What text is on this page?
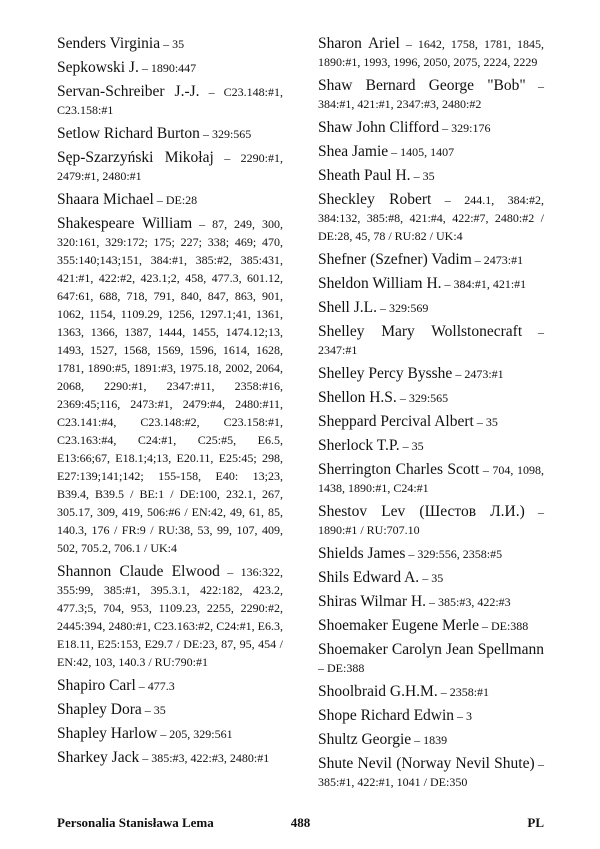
Senders Virginia – 35
Sepkowski J. – 1890:447
Servan-Schreiber J.-J. – C23.148:#1, C23.158:#1
Setlow Richard Burton – 329:565
Sęp-Szarzyński Mikołaj – 2290:#1, 2479:#1, 2480:#1
Shaara Michael – DE:28
Shakespeare William – 87, 249, 300, 320:161, 329:172; 175; 227; 338; 469; 470, 355:140;143;151, 384:#1, 385:#2, 385:431, 421:#1, 422:#2, 423.1;2, 458, 477.3, 601.12, 647:61, 688, 718, 791, 840, 847, 863, 901, 1062, 1154, 1109.29, 1256, 1297.1;41, 1361, 1363, 1366, 1387, 1444, 1455, 1474.12;13, 1493, 1527, 1568, 1569, 1596, 1614, 1628, 1781, 1890:#5, 1891:#3, 1975.18, 2002, 2064, 2068, 2290:#1, 2347:#11, 2358:#16, 2369:45;116, 2473:#1, 2479:#4, 2480:#11, C23.141:#4, C23.148:#2, C23.158:#1, C23.163:#4, C24:#1, C25:#5, E6.5, E13:66;67, E18.1;4;13, E20.11, E25:45; 298, E27:139;141;142; 155-158, E40: 13;23, B39.4, B39.5 / BE:1 / DE:100, 232.1, 267, 305.17, 309, 419, 506:#6 / EN:42, 49, 61, 85, 140.3, 176 / FR:9 / RU:38, 53, 99, 107, 409, 502, 705.2, 706.1 / UK:4
Shannon Claude Elwood – 136:322, 355:99, 385:#1, 395.3.1, 422:182, 423.2, 477.3;5, 704, 953, 1109.23, 2255, 2290:#2, 2445:394, 2480:#1, C23.163:#2, C24:#1, E6.3, E18.11, E25:153, E29.7 / DE:23, 87, 95, 454 / EN:42, 103, 140.3 / RU:790:#1
Shapiro Carl – 477.3
Shapley Dora – 35
Shapley Harlow – 205, 329:561
Sharkey Jack – 385:#3, 422:#3, 2480:#1
Sharon Ariel – 1642, 1758, 1781, 1845, 1890:#1, 1993, 1996, 2050, 2075, 2224, 2229
Shaw Bernard George "Bob" – 384:#1, 421:#1, 2347:#3, 2480:#2
Shaw John Clifford – 329:176
Shea Jamie – 1405, 1407
Sheath Paul H. – 35
Sheckley Robert – 244.1, 384:#2, 384:132, 385:#8, 421:#4, 422:#7, 2480:#2 / DE:28, 45, 78 / RU:82 / UK:4
Shefner (Szefner) Vadim – 2473:#1
Sheldon William H. – 384:#1, 421:#1
Shell J.L. – 329:569
Shelley Mary Wollstonecraft – 2347:#1
Shelley Percy Bysshe – 2473:#1
Shellon H.S. – 329:565
Sheppard Percival Albert – 35
Sherlock T.P. – 35
Sherrington Charles Scott – 704, 1098, 1438, 1890:#1, C24:#1
Shestov Lev (Шестов Л.И.) – 1890:#1 / RU:707.10
Shields James – 329:556, 2358:#5
Shils Edward A. – 35
Shiras Wilmar H. – 385:#3, 422:#3
Shoemaker Eugene Merle – DE:388
Shoemaker Carolyn Jean Spellmann – DE:388
Shoolbraid G.H.M. – 2358:#1
Shope Richard Edwin – 3
Shultz Georgie – 1839
Shute Nevil (Norway Nevil Shute) – 385:#1, 422:#1, 1041 / DE:350
Personalia Stanisława Lema	488	PL
